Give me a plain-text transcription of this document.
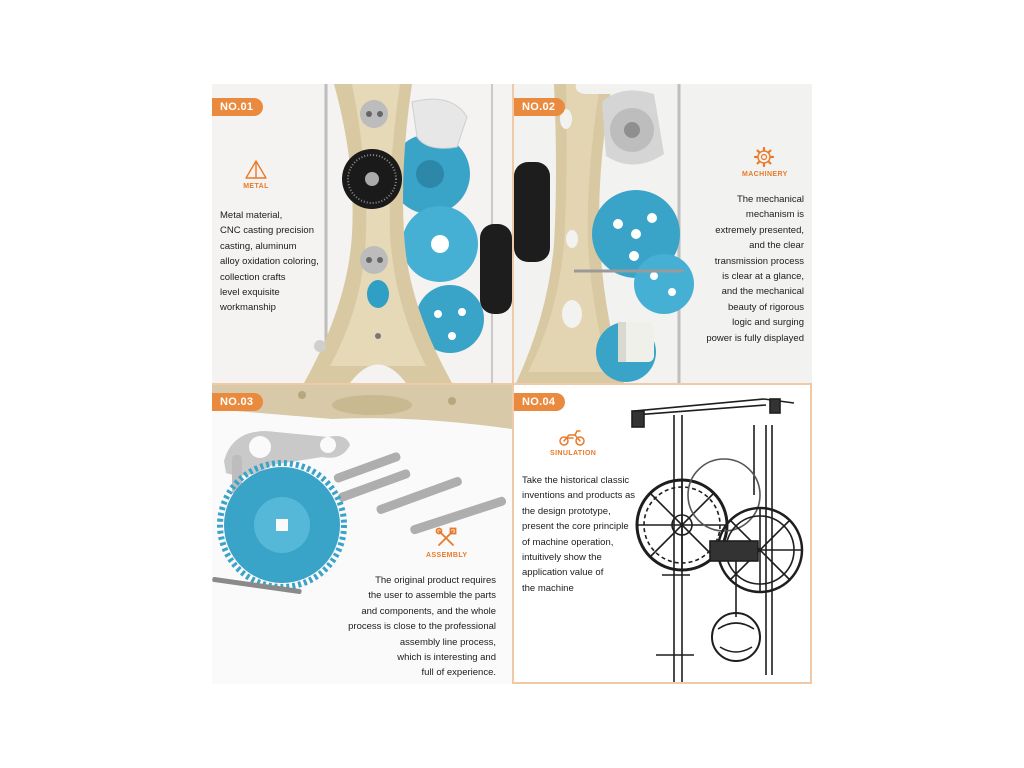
NO.01
METAL
Metal material,
CNC casting precision
casting, aluminum
alloy oxidation coloring,
collection crafts
level exquisite
workmanship
NO.02
MACHINERY
The mechanical
mechanism is
extremely presented,
and the clear
transmission process
is clear at a glance,
and the mechanical
beauty of rigorous
logic and surging
power is fully displayed
NO.03
ASSEMBLY
The original product requires
the user to assemble the parts
and components, and the whole
process is close to the professional
assembly line process,
which is interesting and
full of experience.
NO.04
SINULATION
Take the historical classic
inventions and products as
the design prototype,
present the core principle
of machine operation,
intuitively show the
application value of
the machine
